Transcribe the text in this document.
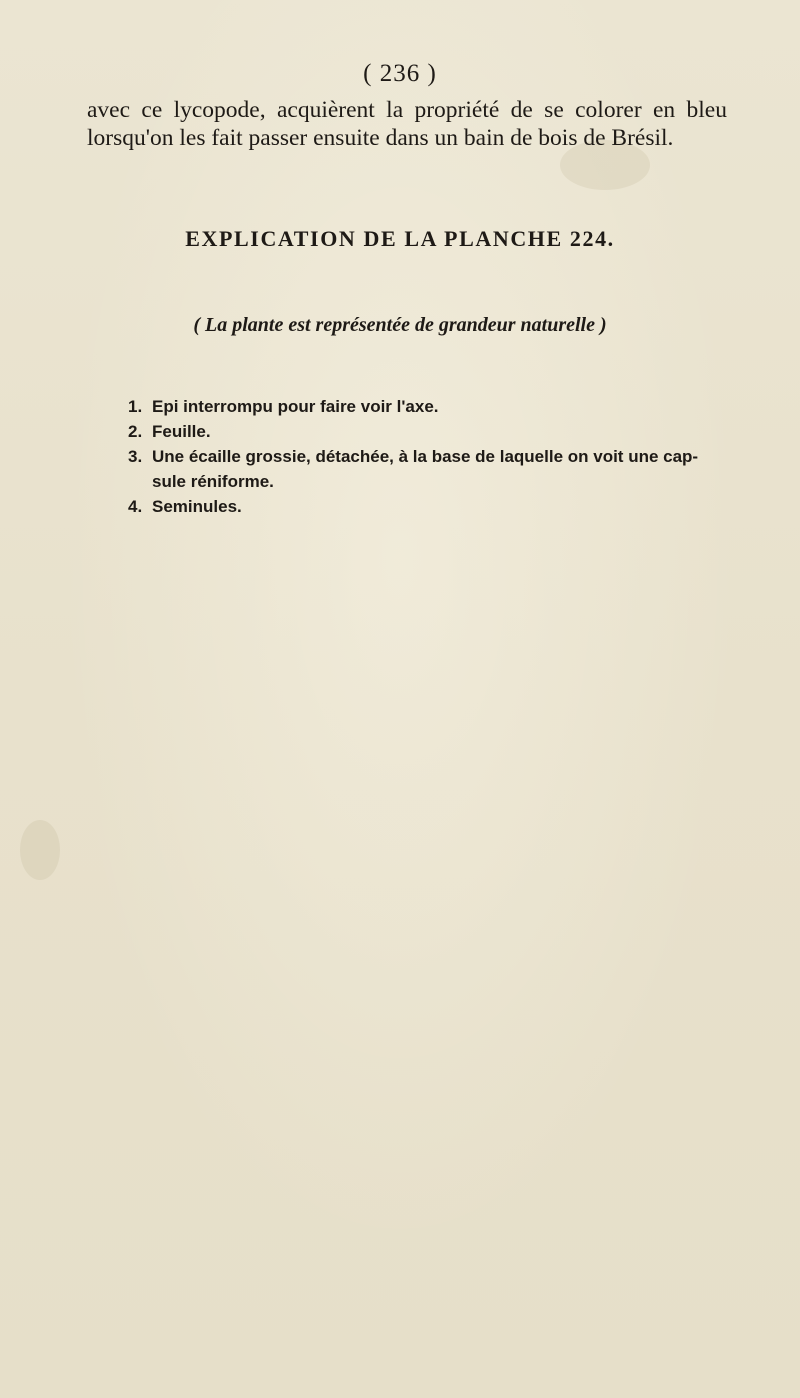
( 236 )
avec ce lycopode, acquièrent la propriété de se colorer en bleu lorsqu'on les fait passer ensuite dans un bain de bois de Brésil.
EXPLICATION DE LA PLANCHE 224.
( La plante est représentée de grandeur naturelle )
1. Epi interrompu pour faire voir l'axe.
2. Feuille.
3. Une écaille grossie, détachée, à la base de laquelle on voit une cap-
sule réniforme.
4. Seminules.
